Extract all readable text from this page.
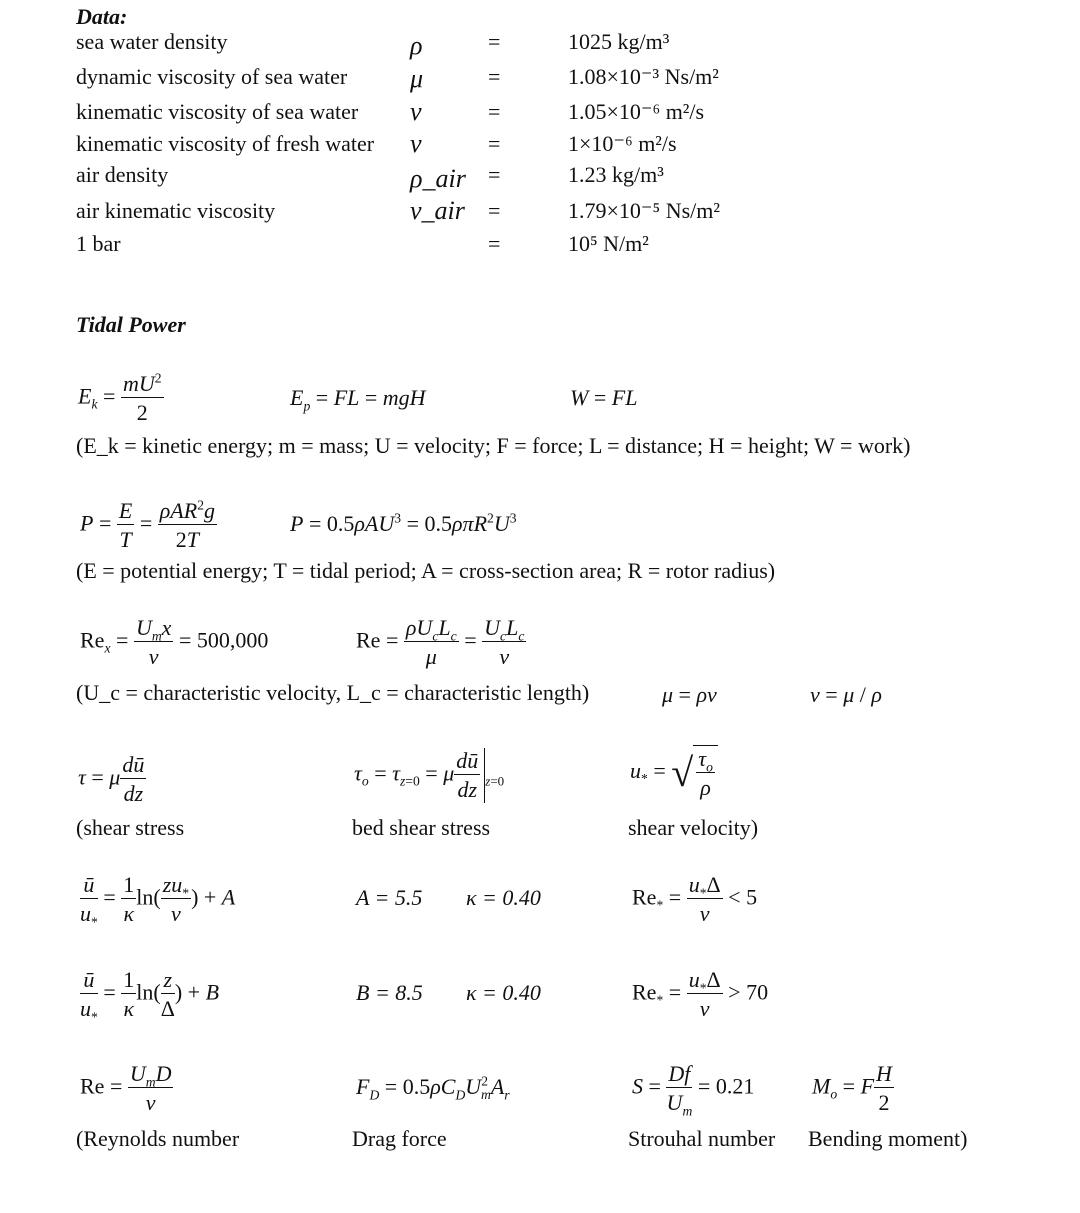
Data:
sea water density	ρ	=	1025 kg/m³
dynamic viscosity of sea water μ	=	1.08×10⁻³ Ns/m²
kinematic viscosity of sea water ν	=	1.05×10⁻⁶ m²/s
kinematic viscosity of fresh water ν	=	1×10⁻⁶ m²/s
air density	ρ_air =	1.23 kg/m³
air kinematic viscosity	ν_air =	1.79×10⁻⁵ Ns/m²
1 bar	=	10⁵ N/m²
Tidal Power
$E_k = \frac{mU^2}{2}$	$E_p$ = FL = mgH	W = FL
(E_k = kinetic energy; m = mass; U = velocity; F = force; L = distance; H = height; W = work)
$P = \frac{E}{T} = \frac{\rho AR^2g}{2T}$	$P = 0.5\rho AU^3 = 0.5\rho\pi R^2U^3$
(E = potential energy; T = tidal period; A = cross-section area; R = rotor radius)
$Re_x = \frac{U_mx}{\nu} = 500,000$	$Re = \frac{\rho U_cL_c}{\mu} = \frac{U_cL_c}{\nu}$
(U_c = characteristic velocity, L_c = characteristic length)	μ = ρν	ν = μ / ρ
τ = μ $\frac{dū}{dz}$	$\tau_o = \tau_{z=0} = \mu \frac{dū}{dz} _{z=0}$	$u_*$ = √ $\frac{\tau_o}{\rho}$
(shear stress	bed shear stress	shear velocity)
$\frac{ū}{u_*} = \frac{1}{\kappa} \ln( \frac{zu_*}{\nu}$ ) + A	A = 5.5 κ = 0.40	$Re_* = \frac{u_*\Delta}{\nu} < 5$
$\frac{ū}{u_*} = \frac{1}{\kappa} \ln( \frac{z}{\Delta}$ ) + B	B = 8.5 κ = 0.40	$Re_* = \frac{u_*\Delta}{\nu} > 70$
$Re = \frac{U_mD}{\nu}$	$F_D = 0.5\rho C_DU^2_mA_r$	$S = \frac{Df}{U_m} = 0.21$	$M_o = F \frac{H}{2}$
(Reynolds number	Drag force	Strouhal number Bending moment)
